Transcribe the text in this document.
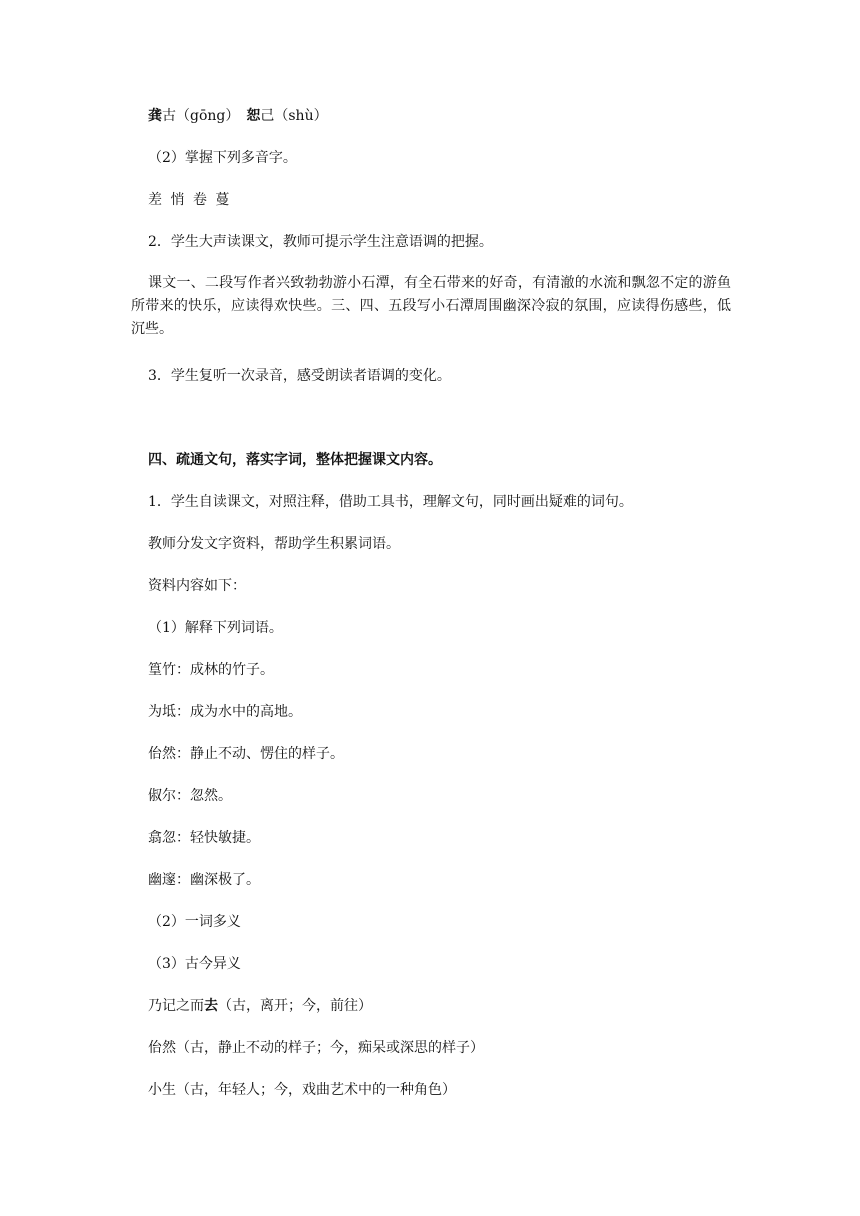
龚古（gōng）　恕己（shù）
（2）掌握下列多音字。
差 悄 卷 蔓
2．学生大声读课文，教师可提示学生注意语调的把握。
课文一、二段写作者兴致勃勃游小石潭，有全石带来的好奇，有清澈的水流和飘忽不定的游鱼所带来的快乐，应读得欢快些。三、四、五段写小石潭周围幽深冷寂的氛围，应读得伤感些，低沉些。
3．学生复听一次录音，感受朗读者语调的变化。
四、疏通文句，落实字词，整体把握课文内容。
1．学生自读课文，对照注释，借助工具书，理解文句，同时画出疑难的词句。
教师分发文字资料，帮助学生积累词语。
资料内容如下：
（1）解释下列词语。
篁竹：成林的竹子。
为坻：成为水中的高地。
佁然：静止不动、愣住的样子。
俶尔：忽然。
翕忽：轻快敏捷。
幽邃：幽深极了。
（2）一词多义
（3）古今异义
乃记之而去（古，离开；今，前往）
佁然（古，静止不动的样子；今，痴呆或深思的样子）
小生（古，年轻人；今，戏曲艺术中的一种角色）
